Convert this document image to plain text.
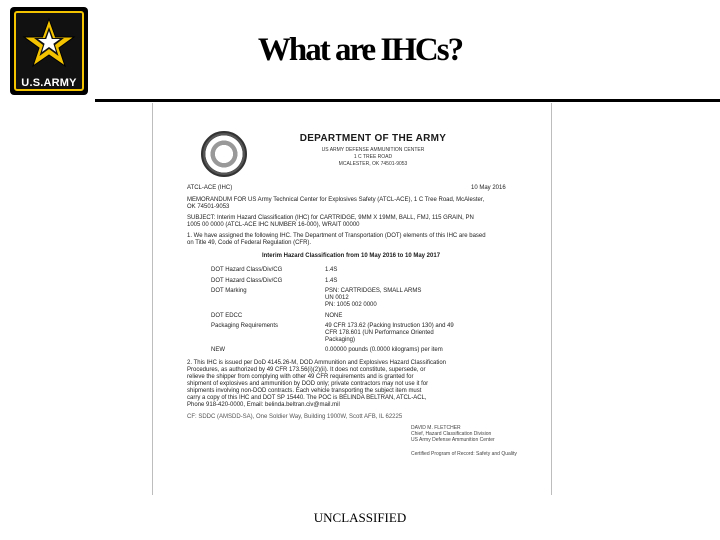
U.S.ARMY
What are IHCs?
DEPARTMENT OF THE ARMY
US ARMY DEFENSE AMMUNITION CENTER
1 C TREE ROAD
MCALESTER, OK 74501-9053
ATCL-ACE (IHC)	10 May 2016
MEMORANDUM FOR US Army Technical Center for Explosives Safety (ATCL-ACE), 1 C Tree Road, McAlester,
OK 74501-9053
SUBJECT: Interim Hazard Classification (IHC) for CARTRIDGE, 9MM X 19MM, BALL, FMJ, 115 GRAIN, PN
1005 00 0000 (ATCL-ACE IHC NUMBER 16-000), WRAIT 00000
1. We have assigned the following IHC. The Department of Transportation (DOT) elements of this IHC are based
on Title 49, Code of Federal Regulation (CFR).
Interim Hazard Classification from 10 May 2016 to 10 May 2017
DOT Hazard Class/Div/CG	1.4S
DOT Hazard Class/Div/CG	1.4S
DOT Marking	PSN: CARTRIDGES, SMALL ARMS
UN 0012
PN: 1005 002 0000
DOT EDCC	NONE
Packaging Requirements	49 CFR 173.62 (Packing Instruction 130) and 49
CFR 178.601 (UN Performance Oriented
Packaging)
NEW	0.00000 pounds (0.0000 kilograms) per item
2. This IHC is issued per DoD 4145.26-M, DOD Ammunition and Explosives Hazard Classification
Procedures, as authorized by 49 CFR 173.56(i)(2)(ii). It does not constitute, supersede, or
relieve the shipper from complying with other 49 CFR requirements and is granted for
shipment of explosives and ammunition by DOD only; private contractors may not use it for
shipments involving non-DOD contracts. Each vehicle transporting the subject item must
carry a copy of this IHC and DOT SP 15440. The POC is BELINDA BELTRAN, ATCL-ACL,
Phone 918-420-0000, Email: belinda.beltran.civ@mail.mil
CF: SDDC (AMSDD-SA), One Soldier Way, Building 1900W, Scott AFB, IL 62225
DAVID M. FLETCHER
Chief, Hazard Classification Division
US Army Defense Ammunition Center
Certified Program of Record: Safety and Quality
UNCLASSIFIED
